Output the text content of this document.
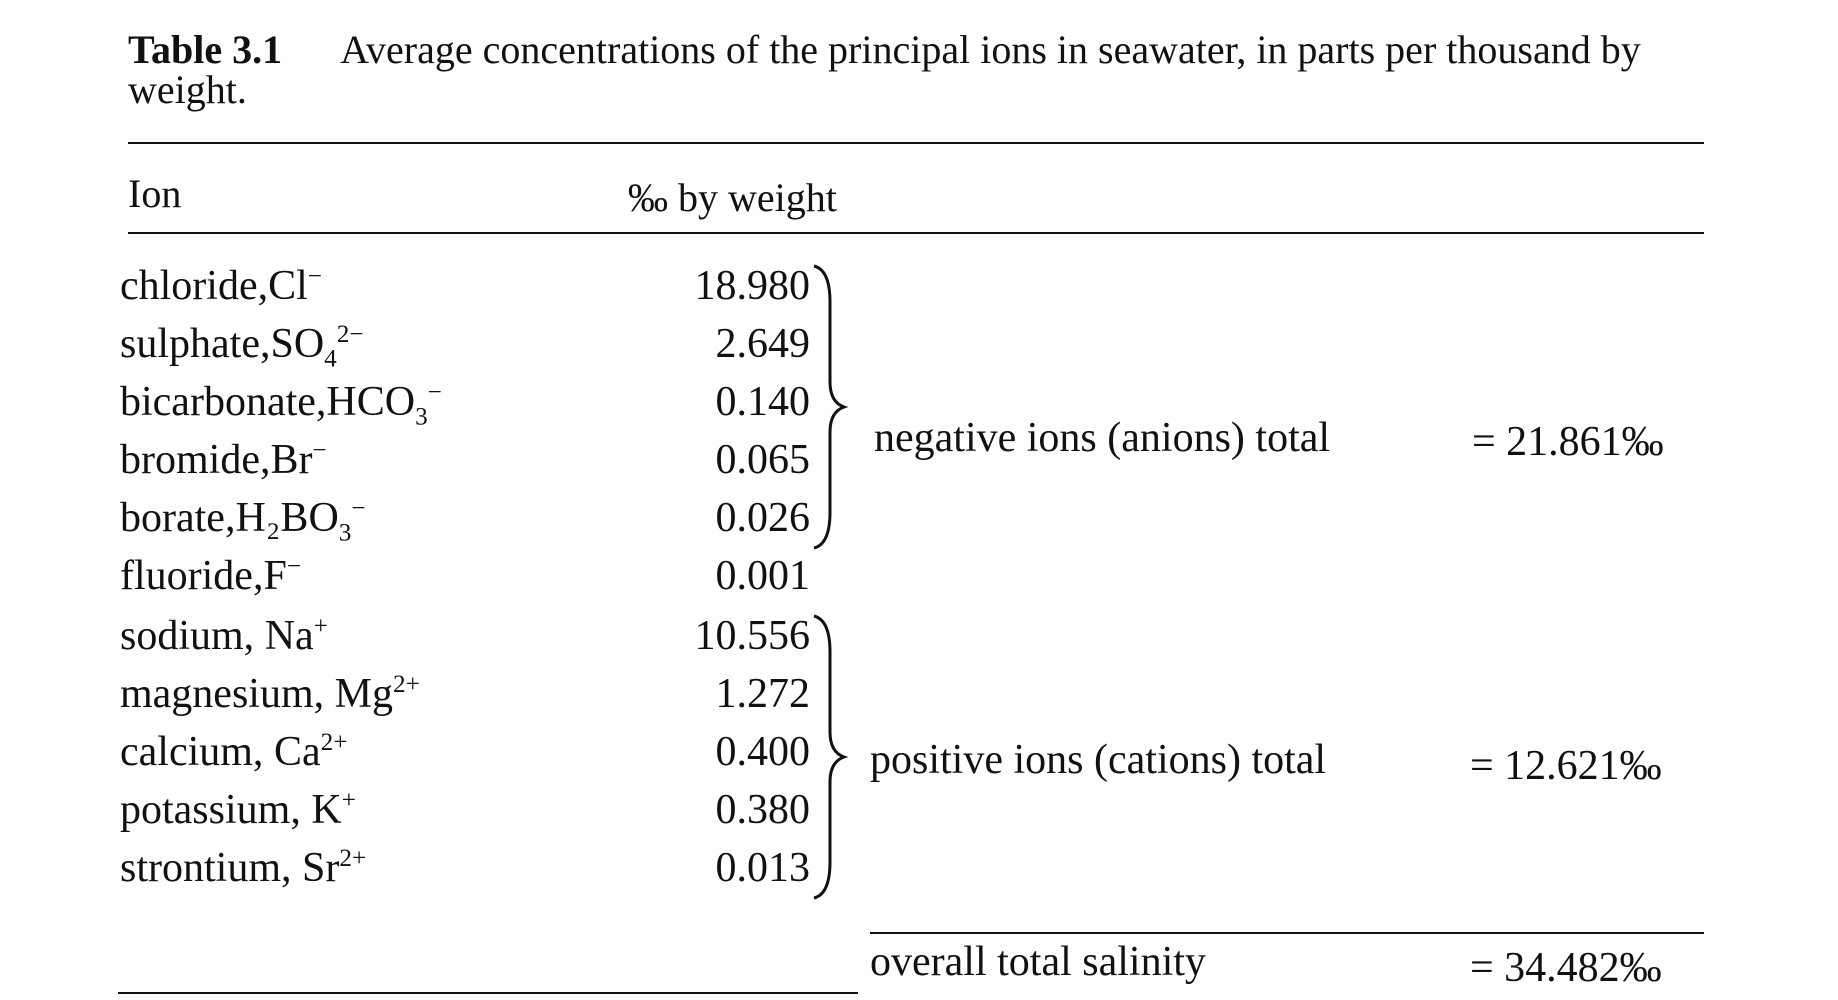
Table 3.1 Average concentrations of the principal ions in seawater, in parts per thousand by weight.
Ion	‰ by weight
chloride,Cl−	18.980
$sulphate,SO_4^{2-}$	2.649
$bicarbonate,HCO_3^-$	0.140
bromide,Br−	0.065
$borate,H_2BO_3^-$	0.026
fluoride,F−	0.001
sodium, Na+	10.556
magnesium, $Mg^{2+}$	1.272
calcium, $Ca^{2+}$	0.400
potassium, K+	0.380
strontium, $Sr^{2+}$	0.013
negative ions (anions) total	= 21.861‰
positive ions (cations) total	= 12.621‰
overall total salinity	= 34.482‰
